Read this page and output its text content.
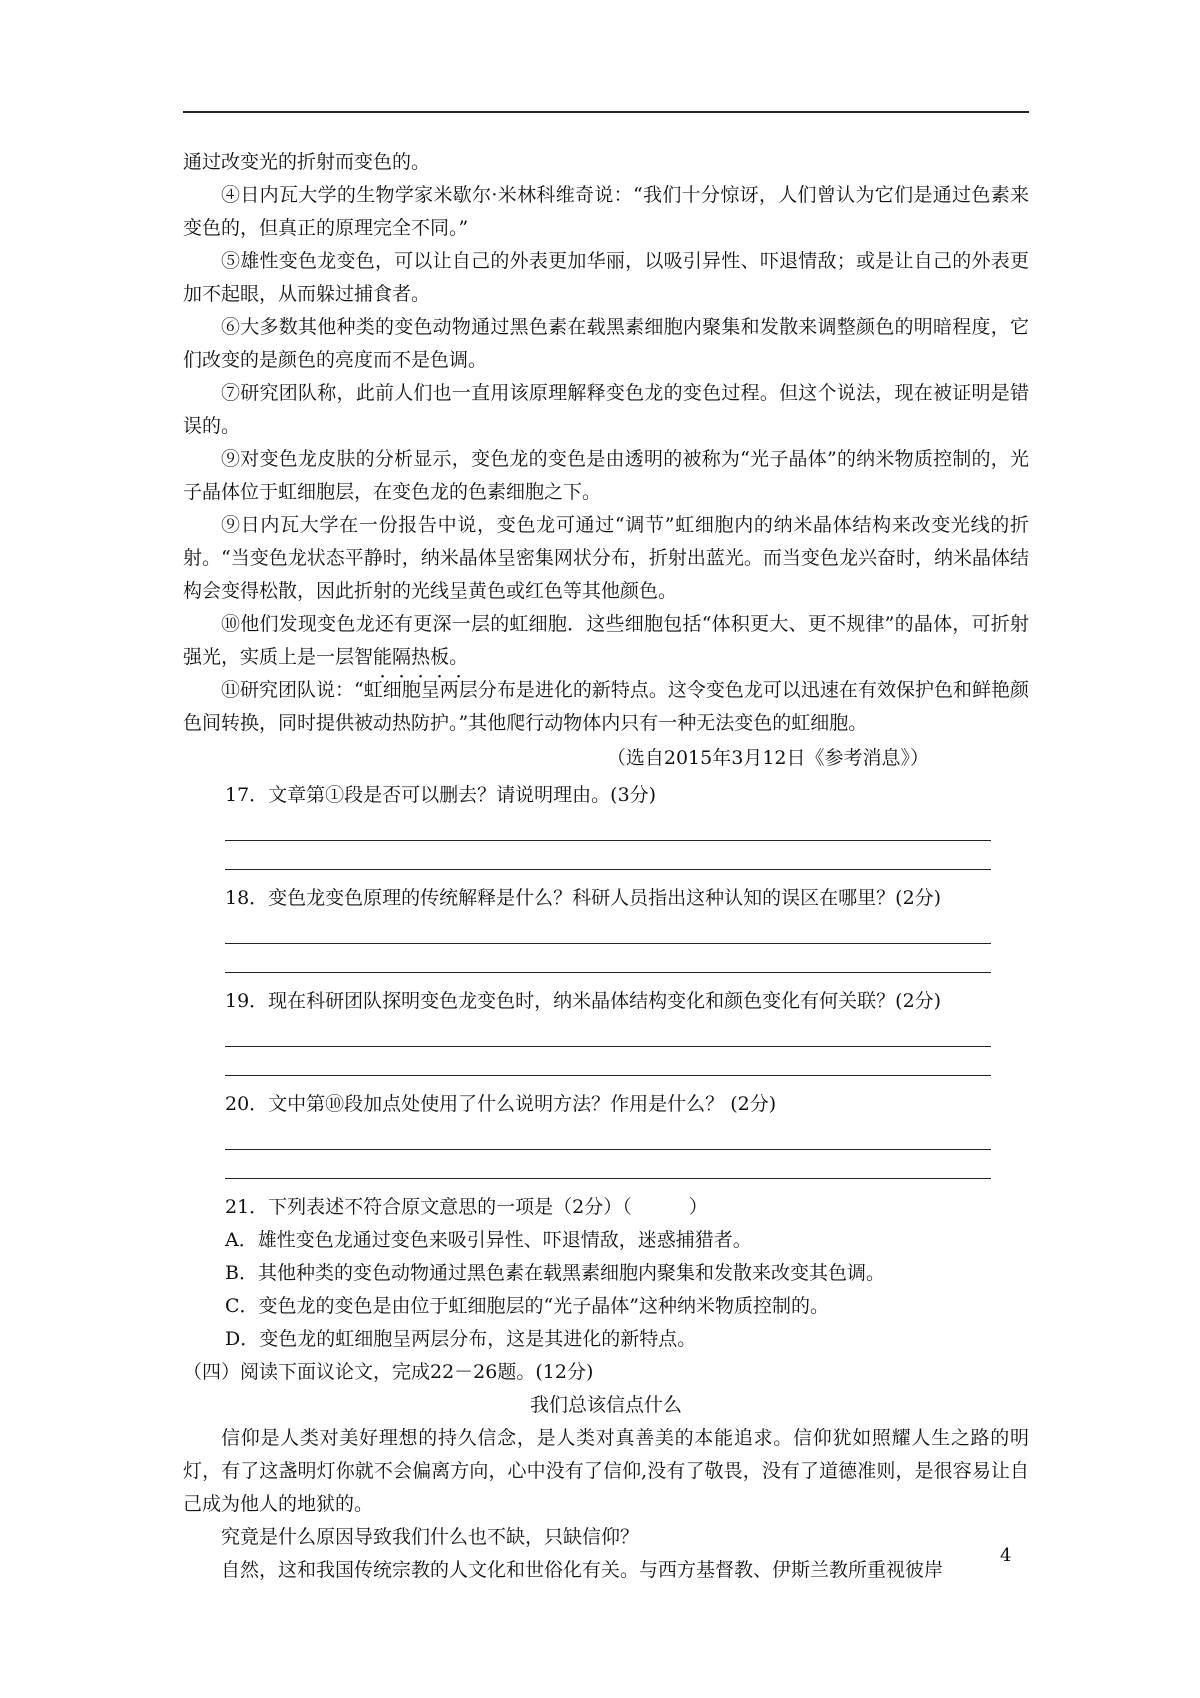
通过改变光的折射而变色的。

④日内瓦大学的生物学家米歇尔·米林科维奇说：“我们十分惊讶，人们曾认为它们是通过色素来变色的，但真正的原理完全不同。”

⑤雄性变色龙变色，可以让自己的外表更加华丽，以吸引异性、吓退情敌；或是让自己的外表更加不起眼，从而躲过捕食者。

⑥大多数其他种类的变色动物通过黑色素在载黑素细胞内聚集和发散来调整颜色的明暗程度，它们改变的是颜色的亮度而不是色调。

⑦研究团队称，此前人们也一直用该原理解释变色龙的变色过程。但这个说法，现在被证明是错误的。

⑨对变色龙皮肤的分析显示，变色龙的变色是由透明的被称为“光子晶体”的纳米物质控制的，光子晶体位于虹细胞层，在变色龙的色素细胞之下。

⑨日内瓦大学在一份报告中说，变色龙可通过“调节”虹细胞内的纳米晶体结构来改变光线的折射。“当变色龙状态平静时，纳米晶体呈密集网状分布，折射出蓝光。而当变色龙兴奋时，纳米晶体结构会变得松散，因此折射的光线呈黄色或红色等其他颜色。

⑩他们发现变色龙还有更深一层的虹细胞．这些细胞包括“体积更大、更不规律”的晶体，可折射强光，实质上是一层智能隔热板。

⑪研究团队说：“虹细胞呈两层分布是进化的新特点。这令变色龙可以迅速在有效保护色和鲜艳颜色间转换，同时提供被动热防护。”其他爬行动物体内只有一种无法变色的虹细胞。

（选自2015年3月12日《参考消息》）

17．文章第①段是否可以删去？请说明理由。(3分)

18．变色龙变色原理的传统解释是什么？科研人员指出这种认知的误区在哪里？(2分)

19．现在科研团队探明变色龙变色时，纳米晶体结构变化和颜色变化有何关联？(2分)

20．文中第⑩段加点处使用了什么说明方法？作用是什么？ (2分)

21．下列表述不符合原文意思的一项是（2分）（　　　）

A．雄性变色龙通过变色来吸引异性、吓退情敌，迷惑捕猎者。

B．其他种类的变色动物通过黑色素在载黑素细胞内聚集和发散来改变其色调。

C．变色龙的变色是由位于虹细胞层的“光子晶体”这种纳米物质控制的。

D．变色龙的虹细胞呈两层分布，这是其进化的新特点。

（四）阅读下面议论文，完成22－26题。(12分)

我们总该信点什么

信仰是人类对美好理想的持久信念，是人类对真善美的本能追求。信仰犹如照耀人生之路的明灯，有了这盏明灯你就不会偏离方向，心中没有了信仰,没有了敬畏，没有了道德准则，是很容易让自己成为他人的地狱的。

究竟是什么原因导致我们什么也不缺，只缺信仰？

自然，这和我国传统宗教的人文化和世俗化有关。与西方基督教、伊斯兰教所重视彼岸

4
